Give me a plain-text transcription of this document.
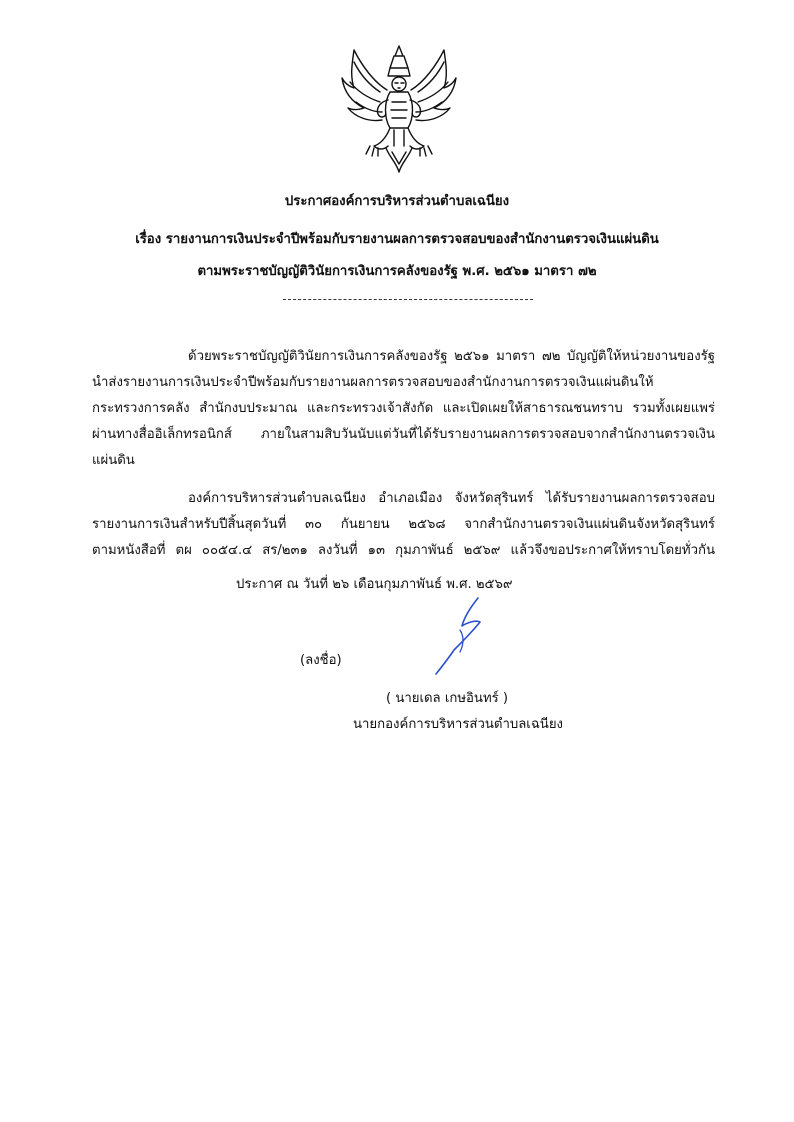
ประกาศองค์การบริหารส่วนตำบลเฉนียง
เรื่อง รายงานการเงินประจำปีพร้อมกับรายงานผลการตรวจสอบของสำนักงานตรวจเงินแผ่นดิน
ตามพระราชบัญญัติวินัยการเงินการคลังของรัฐ พ.ศ. ๒๕๖๑ มาตรา ๗๒
ด้วยพระราชบัญญัติวินัยการเงินการคลังของรัฐ ๒๕๖๑ มาตรา ๗๒ บัญญัติให้หน่วยงานของรัฐ
นำส่งรายงานการเงินประจำปีพร้อมกับรายงานผลการตรวจสอบของสำนักงานการตรวจเงินแผ่นดินให้
กระทรวงการคลัง สำนักงบประมาณ และกระทรวงเจ้าสังกัด และเปิดเผยให้สาธารณชนทราบ รวมทั้งเผยแพร่
ผ่านทางสื่ออิเล็กทรอนิกส์ ภายในสามสิบวันนับแต่วันที่ได้รับรายงานผลการตรวจสอบจากสำนักงานตรวจเงิน
แผ่นดิน
องค์การบริหารส่วนตำบลเฉนียง อำเภอเมือง จังหวัดสุรินทร์ ได้รับรายงานผลการตรวจสอบ
รายงานการเงินสำหรับปีสิ้นสุดวันที่ ๓๐ กันยายน ๒๕๖๘ จากสำนักงานตรวจเงินแผ่นดินจังหวัดสุรินทร์
ตามหนังสือที่ ตผ ๐๐๕๔.๔ สร/๒๓๑ ลงวันที่ ๑๓ กุมภาพันธ์ ๒๕๖๙ แล้วจึงขอประกาศให้ทราบโดยทั่วกัน
ประกาศ ณ วันที่ ๒๖ เดือนกุมภาพันธ์ พ.ศ. ๒๕๖๙
(ลงชื่อ)
( นายเดล เกษอินทร์ )
นายกองค์การบริหารส่วนตำบลเฉนียง
